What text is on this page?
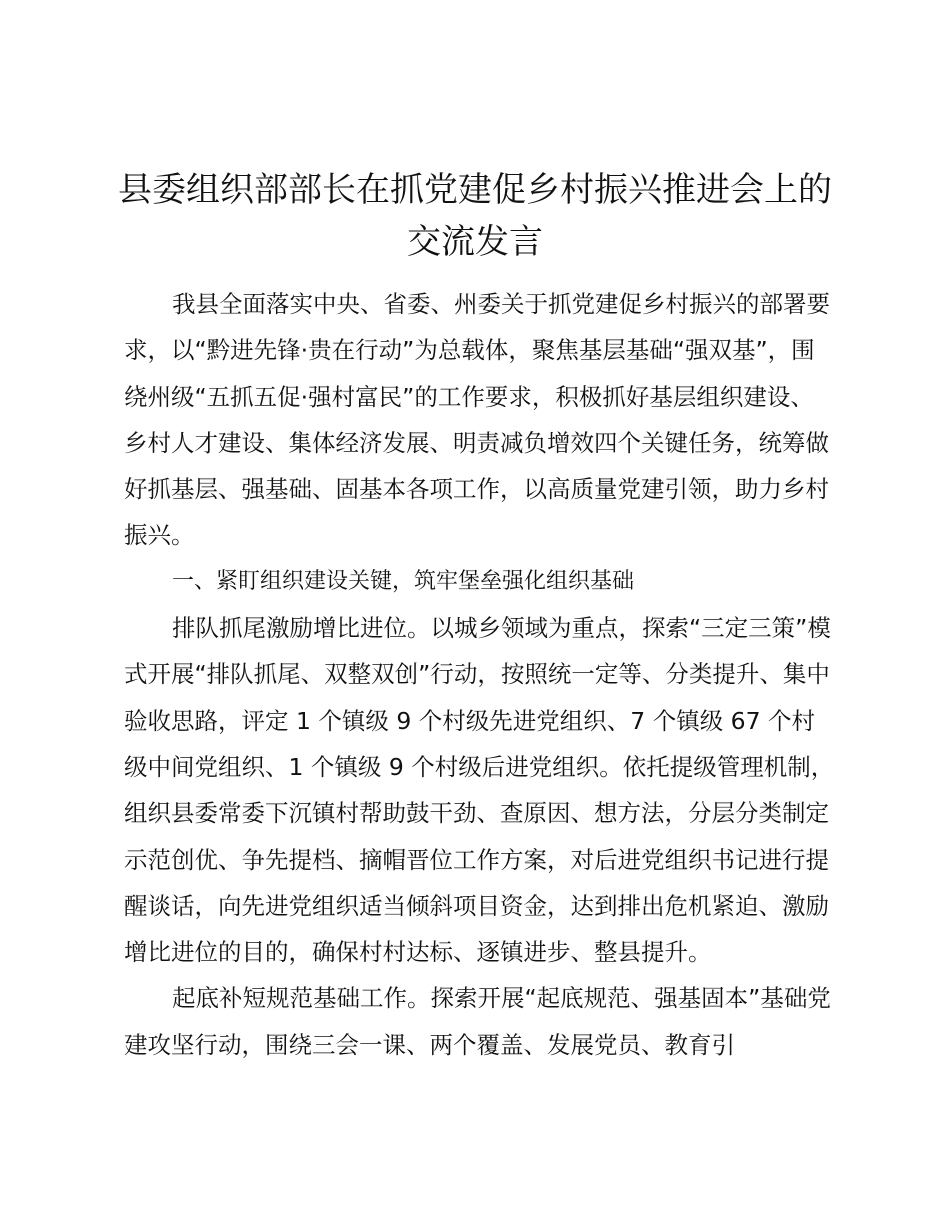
县委组织部部长在抓党建促乡村振兴推进会上的交流发言

我县全面落实中央、省委、州委关于抓党建促乡村振兴的部署要求，以“黔进先锋·贵在行动”为总载体，聚焦基层基础“强双基”，围绕州级“五抓五促·强村富民”的工作要求，积极抓好基层组织建设、乡村人才建设、集体经济发展、明责减负增效四个关键任务，统筹做好抓基层、强基础、固基本各项工作，以高质量党建引领，助力乡村振兴。

一、紧盯组织建设关键，筑牢堡垒强化组织基础

排队抓尾激励增比进位。以城乡领域为重点，探索“三定三策”模式开展“排队抓尾、双整双创”行动，按照统一定等、分类提升、集中验收思路，评定 1 个镇级 9 个村级先进党组织、7 个镇级 67 个村级中间党组织、1 个镇级 9 个村级后进党组织。依托提级管理机制，组织县委常委下沉镇村帮助鼓干劲、查原因、想方法，分层分类制定示范创优、争先提档、摘帽晋位工作方案，对后进党组织书记进行提醒谈话，向先进党组织适当倾斜项目资金，达到排出危机紧迫、激励增比进位的目的，确保村村达标、逐镇进步、整县提升。

起底补短规范基础工作。探索开展“起底规范、强基固本”基础党建攻坚行动，围绕三会一课、两个覆盖、发展党员、教育引
